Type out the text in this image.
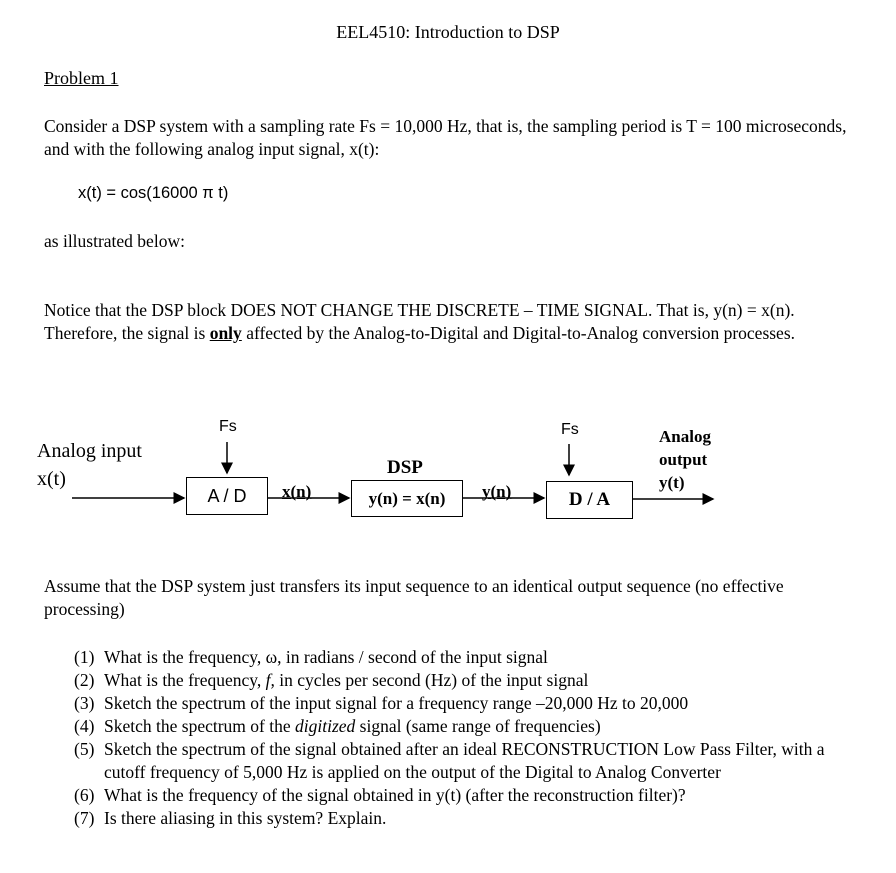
EEL4510: Introduction to DSP
Problem 1
Consider a DSP system with a sampling rate Fs = 10,000 Hz, that is, the sampling period is T = 100 microseconds, and with the following analog input signal, x(t):
x(t) = cos(16000 π t)
as illustrated below:
Notice that the DSP block DOES NOT CHANGE THE DISCRETE – TIME SIGNAL. That is, y(n) = x(n). Therefore, the signal is only affected by the Analog-to-Digital and Digital-to-Analog conversion processes.
Analog input
x(t)
Fs
A / D	x(n)
DSP
y(n) = x(n)	y(n)
Fs
D / A
Analog
output
y(t)
Assume that the DSP system just transfers its input sequence to an identical output sequence (no effective processing)
(1) What is the frequency, ω, in radians / second of the input signal
(2) What is the frequency, f, in cycles per second (Hz) of the input signal
(3) Sketch the spectrum of the input signal for a frequency range –20,000 Hz to 20,000
(4) Sketch the spectrum of the digitized signal (same range of frequencies)
(5) Sketch the spectrum of the signal obtained after an ideal RECONSTRUCTION Low Pass Filter, with a cutoff frequency of 5,000 Hz is applied on the output of the Digital to Analog Converter
(6) What is the frequency of the signal obtained in y(t) (after the reconstruction filter)?
(7) Is there aliasing in this system? Explain.
